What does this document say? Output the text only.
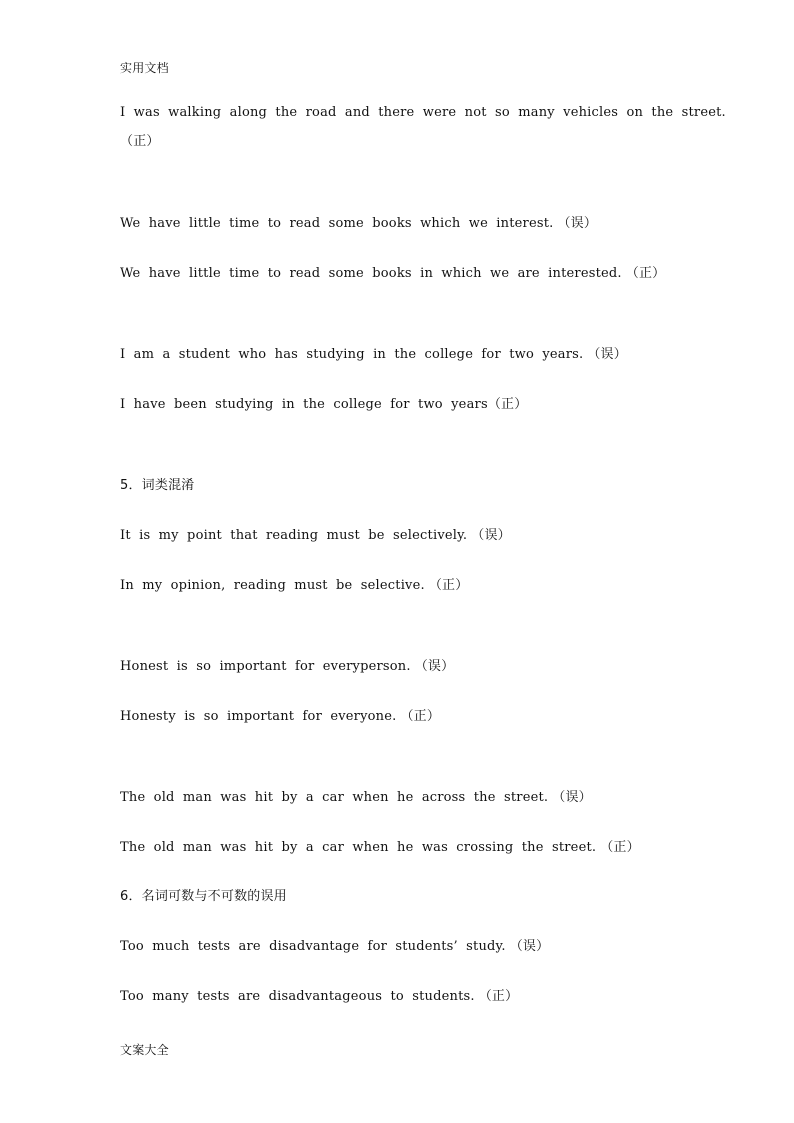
实用文档
I was walking along the road and there were not so many vehicles on the street.
（正）
We have little time to read some books which we interest. （误）
We have little time to read some books in which we are interested. （正）
I am a student who has studying in the college for two years. （误）
I have been studying in the college for two years（正）
5．词类混淆
It is my point that reading must be selectively. （误）
In my opinion, reading must be selective. （正）
Honest is so important for everyperson. （误）
Honesty is so important for everyone. （正）
The old man was hit by a car when he across the street. （误）
The old man was hit by a car when he was crossing the street. （正）
6．名词可数与不可数的误用
Too much tests are disadvantage for students’ study. （误）
Too many tests are disadvantageous to students. （正）
文案大全
